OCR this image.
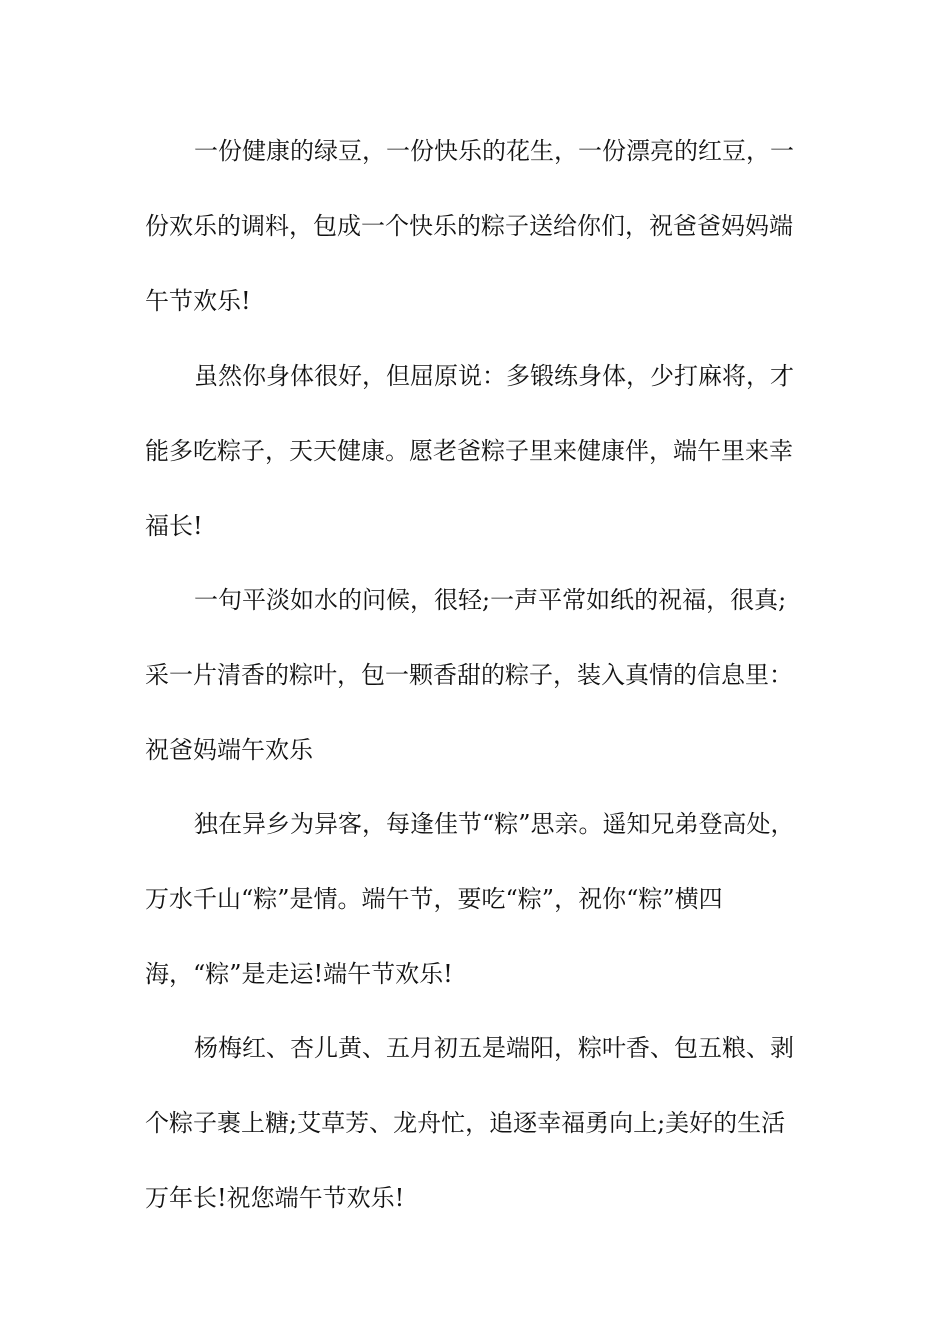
一份健康的绿豆，一份快乐的花生，一份漂亮的红豆，一
份欢乐的调料，包成一个快乐的粽子送给你们，祝爸爸妈妈端
午节欢乐!
虽然你身体很好，但屈原说：多锻练身体，少打麻将，才
能多吃粽子，天天健康。愿老爸粽子里来健康伴，端午里来幸
福长!
一句平淡如水的问候，很轻;一声平常如纸的祝福，很真;
采一片清香的粽叶，包一颗香甜的粽子，装入真情的信息里：
祝爸妈端午欢乐
独在异乡为异客，每逢佳节“粽”思亲。遥知兄弟登高处，
万水千山“粽”是情。端午节，要吃“粽”，祝你“粽”横四
海，“粽”是走运!端午节欢乐!
杨梅红、杏儿黄、五月初五是端阳，粽叶香、包五粮、剥
个粽子裹上糖;艾草芳、龙舟忙，追逐幸福勇向上;美好的生活
万年长!祝您端午节欢乐!
